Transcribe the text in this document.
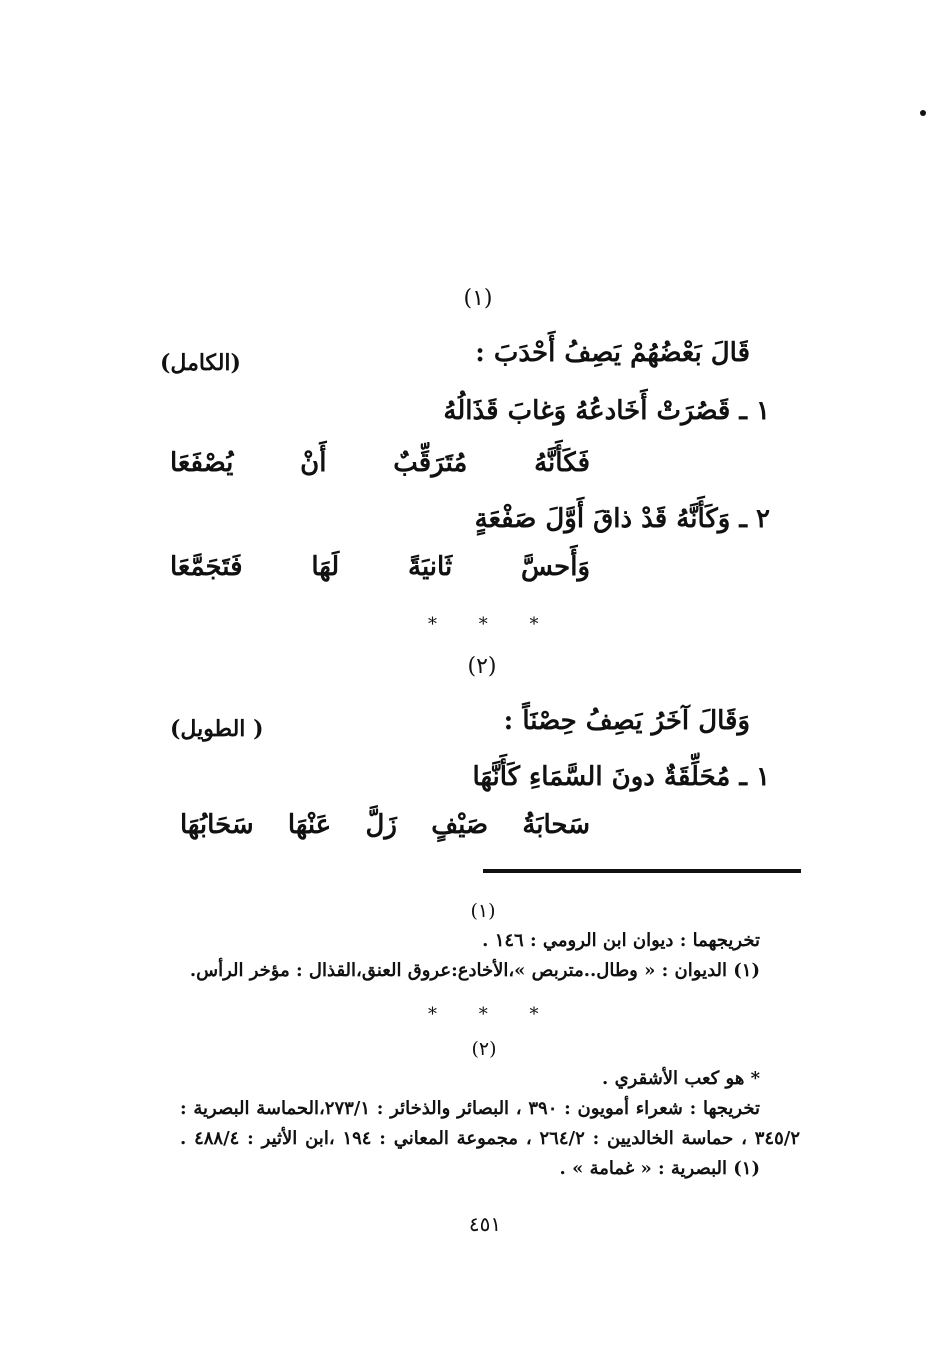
(١)
قَالَ بَعْضُهُمْ يَصِفُ أَحْدَبَ :
(الكامل)
١ ـ قَصُرَتْ أَخَادعُهُ وَغابَ قَذَالُهُ
فَكَأَنَّهُ مُتَرَقِّبٌ أَنْ يُصْفَعَا
٢ ـ وَكَأَنَّهُ قَدْ ذاقَ أَوَّلَ صَفْعَةٍ
وَأَحسَّ ثَانيَةً لَهَا فَتَجَمَّعَا
* * *
(٢)
وَقَالَ آخَرُ يَصِفُ حِصْنَاً :
( الطويل)
١ ـ مُحَلِّقَةٌ دونَ السَّمَاءِ كَأَنَّهَا
سَحابَةُ صَيْفٍ زَلَّ عَنْهَا سَحَابُهَا
(١)
تخريجهما : ديوان ابن الرومي : ١٤٦ .
(١) الديوان : « وطال..متربص »،الأخادع:عروق العنق،القذال : مؤخر الرأس.
* * *
(٢)
* هو كعب الأشقري .
تخريجها : شعراء أمويون : ٣٩٠ ، البصائر والذخائر : ٢٧٣/١،الحماسة البصرية :
٣٤٥/٢ ، حماسة الخالديين : ٢٦٤/٢ ، مجموعة المعاني : ١٩٤ ،ابن الأثير : ٤٨٨/٤ .
(١) البصرية : « غمامة » .
٤٥١
